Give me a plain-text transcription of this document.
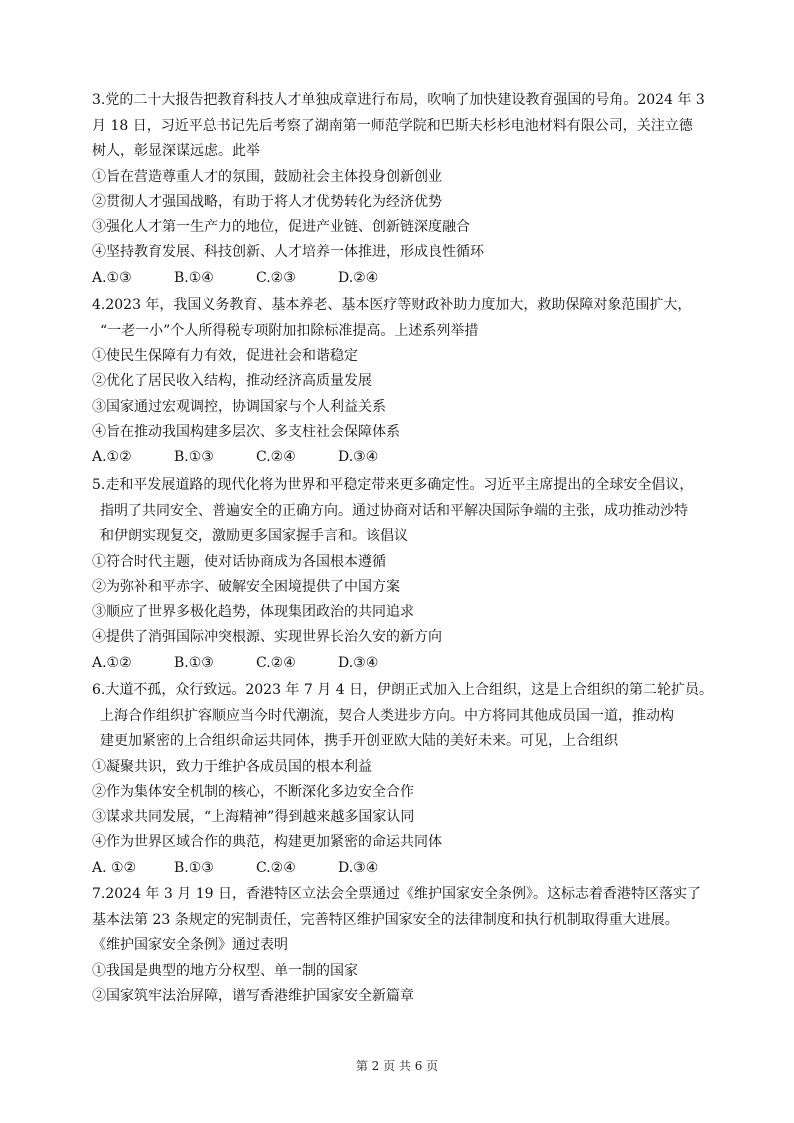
3.党的二十大报告把教育科技人才单独成章进行布局，吹响了加快建设教育强国的号角。2024 年 3
月 18 日，习近平总书记先后考察了湖南第一师范学院和巴斯夫杉杉电池材料有限公司，关注立德
树人，彰显深谋远虑。此举
①旨在营造尊重人才的氛围，鼓励社会主体投身创新创业
②贯彻人才强国战略，有助于将人才优势转化为经济优势
③强化人才第一生产力的地位，促进产业链、创新链深度融合
④坚持教育发展、科技创新、人才培养一体推进，形成良性循环
A.①③	B.①④	C.②③	D.②④
4.2023 年，我国义务教育、基本养老、基本医疗等财政补助力度加大，救助保障对象范围扩大，
“一老一小”个人所得税专项附加扣除标准提高。上述系列举措
①使民生保障有力有效，促进社会和谐稳定
②优化了居民收入结构，推动经济高质量发展
③国家通过宏观调控，协调国家与个人利益关系
④旨在推动我国构建多层次、多支柱社会保障体系
A.①②	B.①③	C.②④	D.③④
5.走和平发展道路的现代化将为世界和平稳定带来更多确定性。习近平主席提出的全球安全倡议，
指明了共同安全、普遍安全的正确方向。通过协商对话和平解决国际争端的主张，成功推动沙特
和伊朗实现复交，激励更多国家握手言和。该倡议
①符合时代主题，使对话协商成为各国根本遵循
②为弥补和平赤字、破解安全困境提供了中国方案
③顺应了世界多极化趋势，体现集团政治的共同追求
④提供了消弭国际冲突根源、实现世界长治久安的新方向
A.①②	B.①③	C.②④	D.③④
6.大道不孤，众行致远。2023 年 7 月 4 日，伊朗正式加入上合组织，这是上合组织的第二轮扩员。
上海合作组织扩容顺应当今时代潮流，契合人类进步方向。中方将同其他成员国一道，推动构
建更加紧密的上合组织命运共同体，携手开创亚欧大陆的美好未来。可见，上合组织
①凝聚共识，致力于维护各成员国的根本利益
②作为集体安全机制的核心，不断深化多边安全合作
③谋求共同发展，“上海精神”得到越来越多国家认同
④作为世界区域合作的典范，构建更加紧密的命运共同体
A. ①②	B.①③	C.②④	D.③④
7.2024 年 3 月 19 日，香港特区立法会全票通过《维护国家安全条例》。这标志着香港特区落实了
基本法第 23 条规定的宪制责任，完善特区维护国家安全的法律制度和执行机制取得重大进展。
《维护国家安全条例》通过表明
①我国是典型的地方分权型、单一制的国家
②国家筑牢法治屏障，谱写香港维护国家安全新篇章
第 2 页 共 6 页
